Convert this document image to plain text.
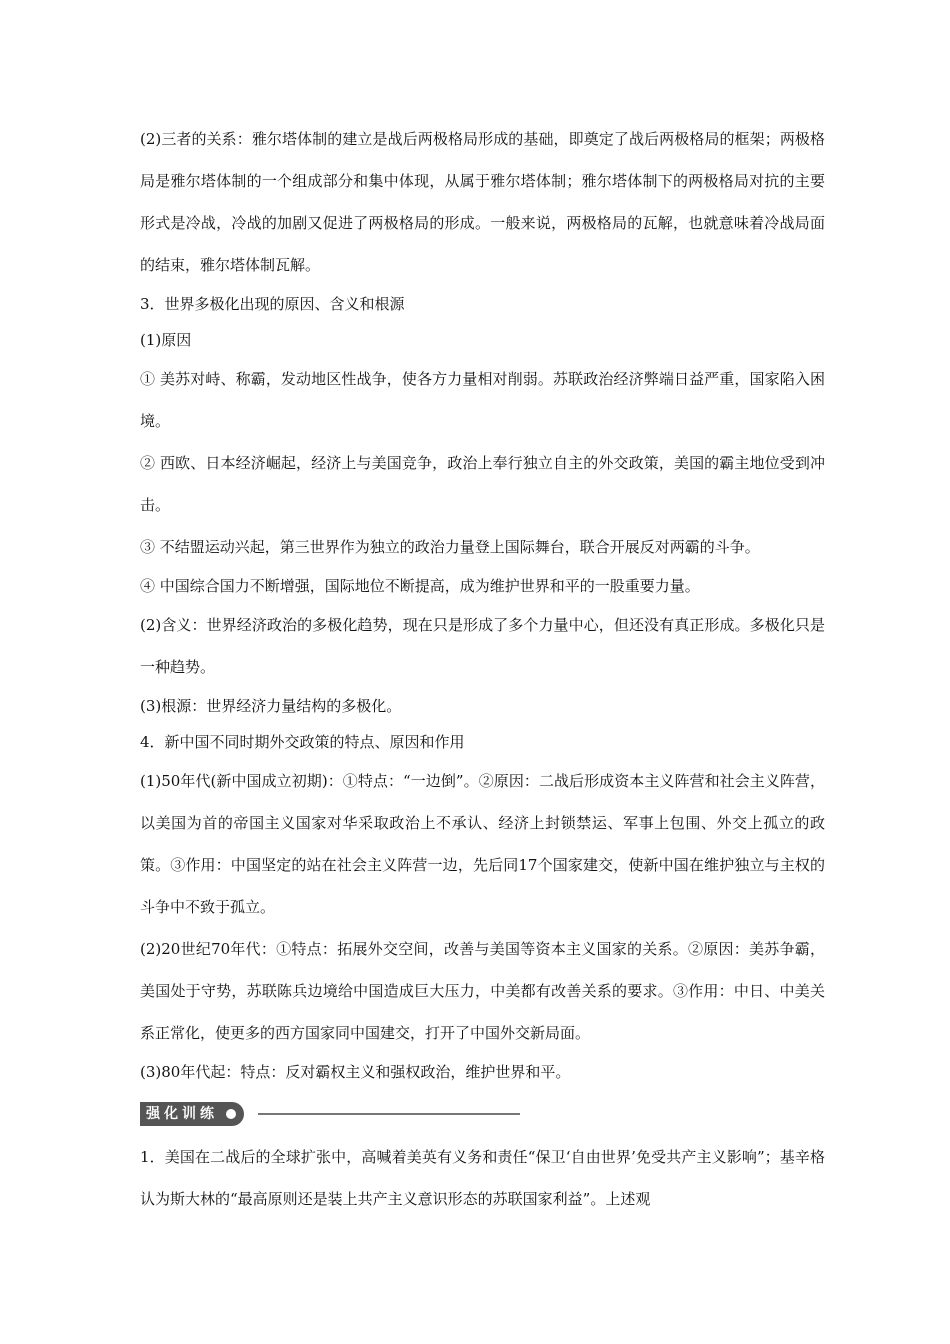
(2)三者的关系：雅尔塔体制的建立是战后两极格局形成的基础，即奠定了战后两极格局的框架；两极格局是雅尔塔体制的一个组成部分和集中体现，从属于雅尔塔体制；雅尔塔体制下的两极格局对抗的主要形式是冷战，冷战的加剧又促进了两极格局的形成。一般来说，两极格局的瓦解，也就意味着冷战局面的结束，雅尔塔体制瓦解。

3．世界多极化出现的原因、含义和根源

(1)原因

① 美苏对峙、称霸，发动地区性战争，使各方力量相对削弱。苏联政治经济弊端日益严重，国家陷入困境。

② 西欧、日本经济崛起，经济上与美国竞争，政治上奉行独立自主的外交政策，美国的霸主地位受到冲击。

③ 不结盟运动兴起，第三世界作为独立的政治力量登上国际舞台，联合开展反对两霸的斗争。

④ 中国综合国力不断增强，国际地位不断提高，成为维护世界和平的一股重要力量。

(2)含义：世界经济政治的多极化趋势，现在只是形成了多个力量中心，但还没有真正形成。多极化只是一种趋势。

(3)根源：世界经济力量结构的多极化。

4．新中国不同时期外交政策的特点、原因和作用

(1)50年代(新中国成立初期)：①特点：“一边倒”。②原因：二战后形成资本主义阵营和社会主义阵营，以美国为首的帝国主义国家对华采取政治上不承认、经济上封锁禁运、军事上包围、外交上孤立的政策。③作用：中国坚定的站在社会主义阵营一边，先后同17个国家建交，使新中国在维护独立与主权的斗争中不致于孤立。

(2)20世纪70年代：①特点：拓展外交空间，改善与美国等资本主义国家的关系。②原因：美苏争霸，美国处于守势，苏联陈兵边境给中国造成巨大压力，中美都有改善关系的要求。③作用：中日、中美关系正常化，使更多的西方国家同中国建交，打开了中国外交新局面。

(3)80年代起：特点：反对霸权主义和强权政治，维护世界和平。

强化训练

1．美国在二战后的全球扩张中，高喊着美英有义务和责任“保卫‘自由世界’免受共产主义影响”；基辛格认为斯大林的“最高原则还是装上共产主义意识形态的苏联国家利益”。上述观
